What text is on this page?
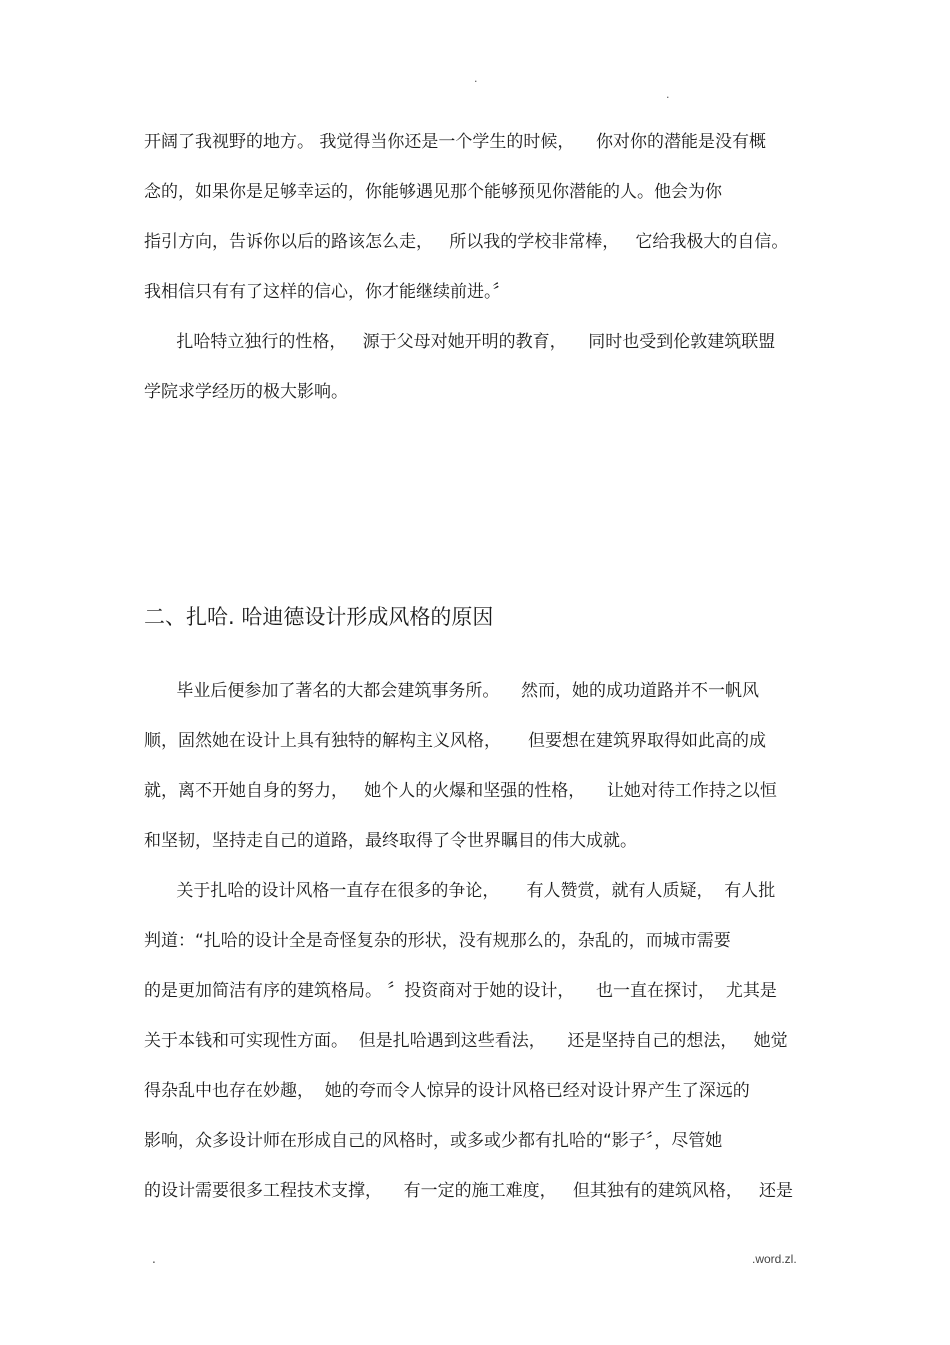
.
.
开阔了我视野的地方。 我觉得当你还是一个学生的时候，    你对你的潜能是没有概
念的，如果你是足够幸运的，你能够遇见那个能够预见你潜能的人。他会为你
指引方向，告诉你以后的路该怎么走，   所以我的学校非常棒，   它给我极大的自信。
我相信只有有了这样的信心，你才能继续前进。〞
扎哈特立独行的性格，   源于父母对她开明的教育，    同时也受到伦敦建筑联盟
学院求学经历的极大影响。
二、扎哈. 哈迪德设计形成风格的原因
毕业后便参加了著名的大都会建筑事务所。    然而，她的成功道路并不一帆风
顺，固然她在设计上具有独特的解构主义风格，     但要想在建筑界取得如此高的成
就，离不开她自身的努力，   她个人的火爆和坚强的性格，    让她对待工作持之以恒
和坚韧，坚持走自己的道路，最终取得了令世界瞩目的伟大成就。
关于扎哈的设计风格一直存在很多的争论，     有人赞赏，就有人质疑，  有人批
判道：“扎哈的设计全是奇怪复杂的形状，没有规那么的，杂乱的，而城市需要
的是更加简洁有序的建筑格局。 〞投资商对于她的设计，    也一直在探讨，  尤其是
关于本钱和可实现性方面。  但是扎哈遇到这些看法，    还是坚持自己的想法，   她觉
得杂乱中也存在妙趣，  她的夸而令人惊异的设计风格已经对设计界产生了深远的
影响，众多设计师在形成自己的风格时，或多或少都有扎哈的“影子〞，尽管她
的设计需要很多工程技术支撑，    有一定的施工难度，   但其独有的建筑风格，   还是
.	.word.zl.
